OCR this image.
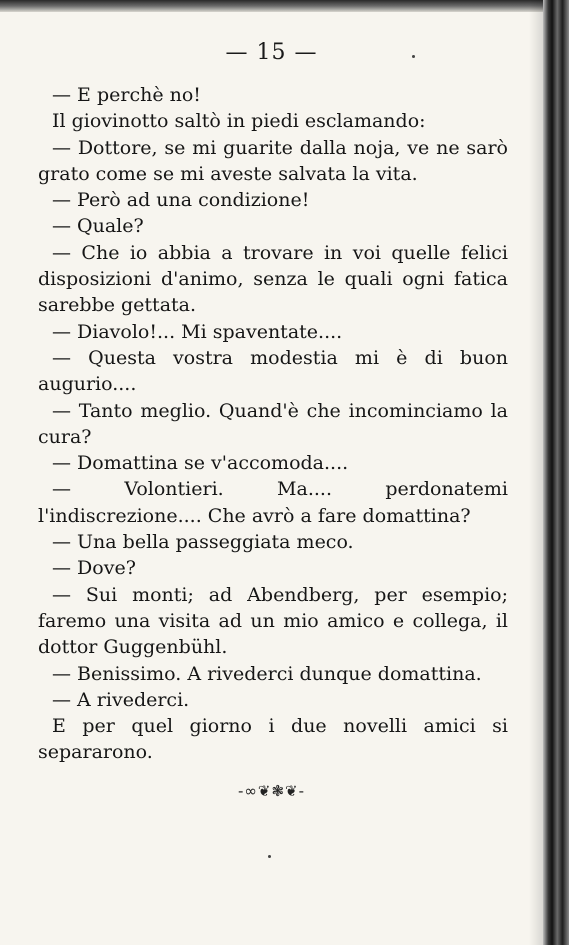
— 15 —

— E perchè no!

Il giovinotto saltò in piedi esclamando:

— Dottore, se mi guarite dalla noja, ve ne sarò grato come se mi aveste salvata la vita.

— Però ad una condizione!

— Quale?

— Che io abbia a trovare in voi quelle felici disposizioni d'animo, senza le quali ogni fatica sarebbe gettata.

— Diavolo!... Mi spaventate....

— Questa vostra modestia mi è di buon augurio....

— Tanto meglio. Quand'è che incominciamo la cura?

— Domattina se v'accomoda....

— Volontieri. Ma.... perdonatemi l'indiscrezione.... Che avrò a fare domattina?

— Una bella passeggiata meco.

— Dove?

— Sui monti; ad Abendberg, per esempio; faremo una visita ad un mio amico e collega, il dottor Guggenbühl.

— Benissimo. A rivederci dunque domattina.

— A rivederci.

E per quel giorno i due novelli amici si separarono.

-∞❦❃❦-
